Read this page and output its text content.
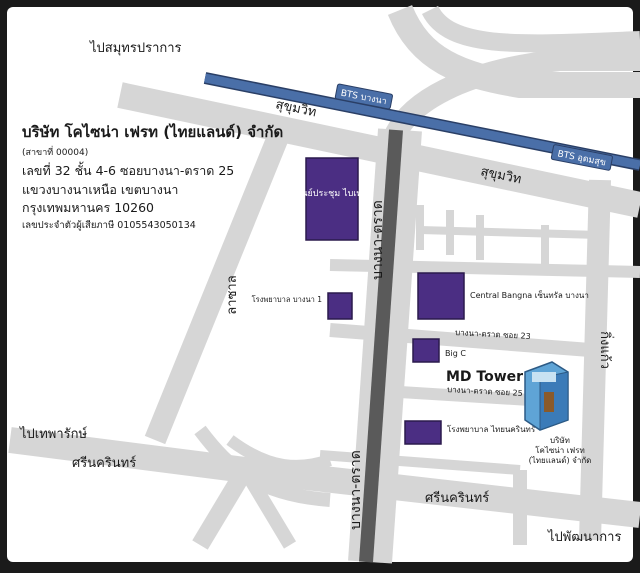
BTS บางนา
BTS อุดมสุข
สุขุมวิท
สุขุมวิท
บางนา-ตราด
บางนา-ตราด
ลาซาล
กิ่งแก้ว
ศรีนครินทร์
ศรีนครินทร์
บางนา-ตราด ซอย 23
บางนา-ตราด ซอย 25
ไปสมุทรปราการ
ไปเทพารักษ์
ไปพัฒนาการ
ศูนย์ประชุม ไบเทค
โรงพยาบาล บางนา 1	Central Bangna เซ็นทรัล บางนา
Big C
โรงพยาบาล ไทยนครินทร์
MD Tower
บริษัท
โคไซน่า เฟรท
(ไทยแลนด์) จำกัด
บริษัท โคไซน่า เฟรท (ไทยแลนด์) จำกัด
(สาขาที่ 00004)
เลขที่ 32 ชั้น 4-6 ซอยบางนา-ตราด 25
แขวงบางนาเหนือ เขตบางนา
กรุงเทพมหานคร 10260
เลขประจำตัวผู้เสียภาษี 0105543050134
